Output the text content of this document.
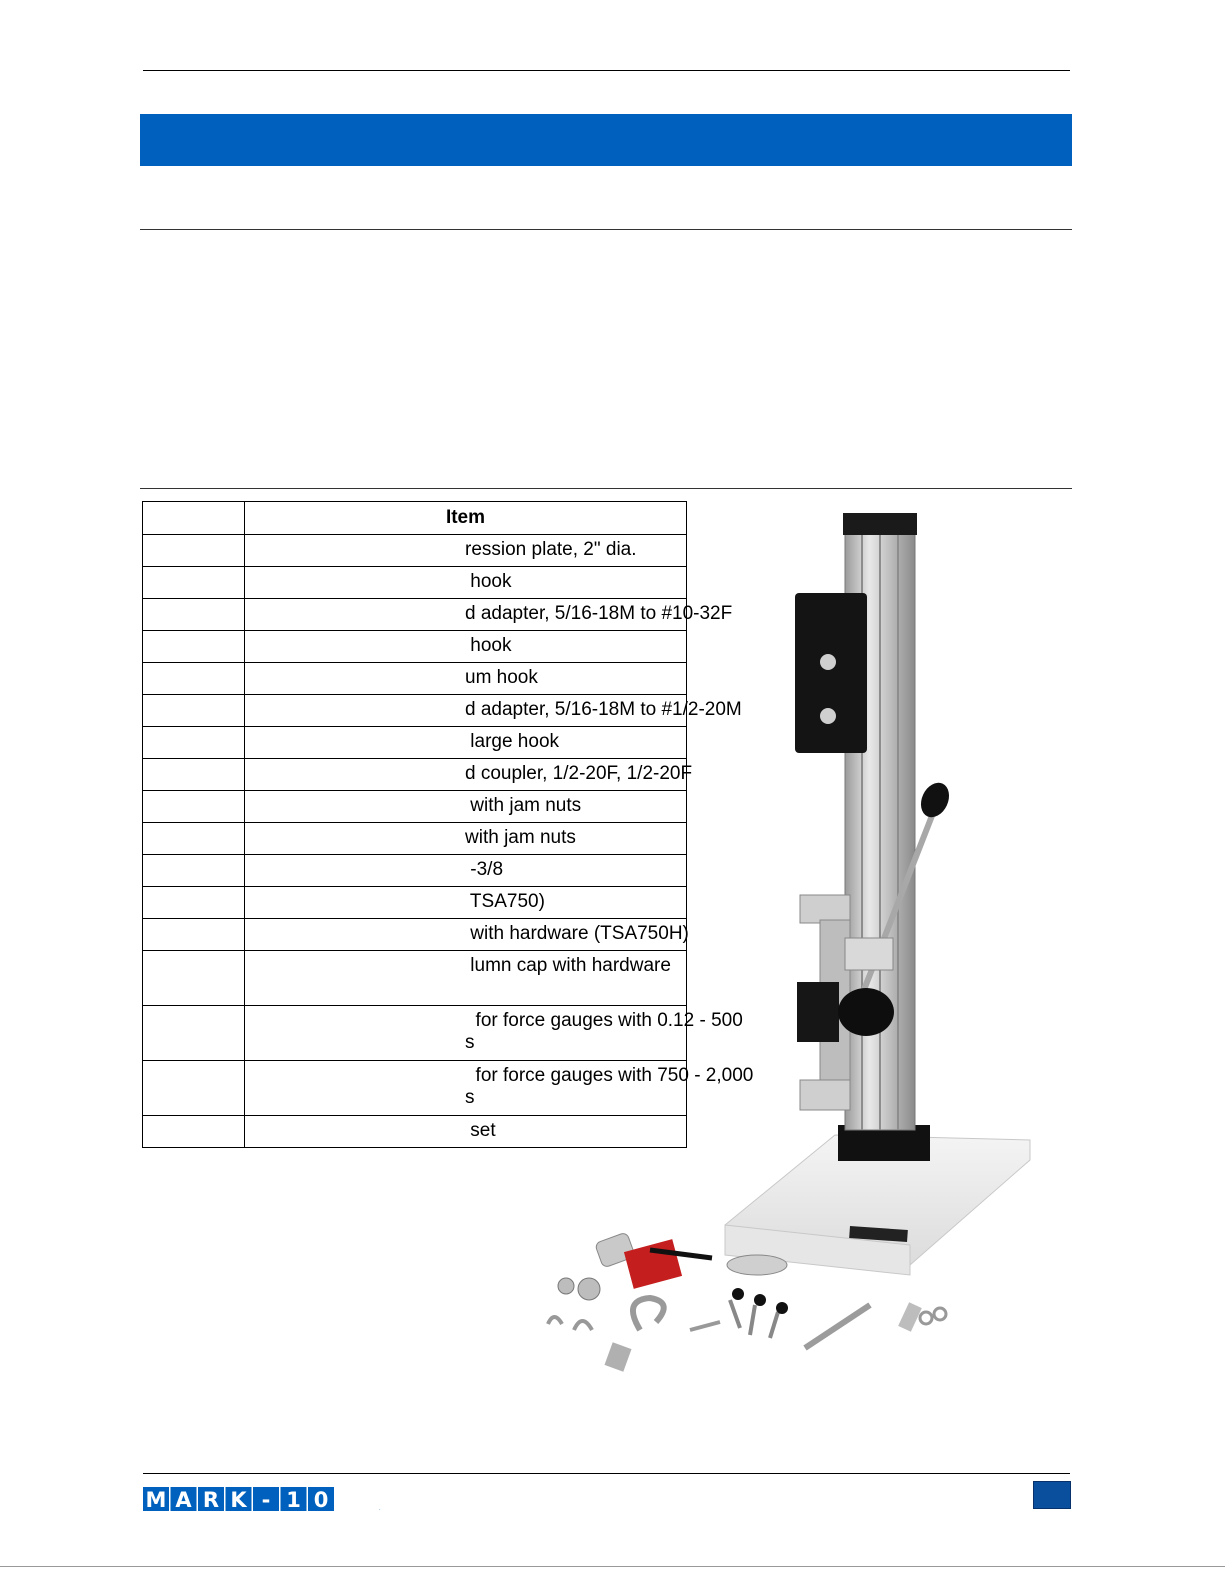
	Item

	ression plate, 2" dia.

	hook

	d adapter, 5/16-18M to #10-32F

	hook

	um hook

	d adapter, 5/16-18M to #1/2-20M

	large hook

	d coupler, 1/2-20F, 1/2-20F

	with jam nuts

	with jam nuts

	-3/8

	TSA750)

	with hardware (TSA750H)

	lumn cap with hardware

	for force gauges with 0.12 - 500
s

	for force gauges with 750 - 2,000
s

	set
M A R K - 1 0	.
